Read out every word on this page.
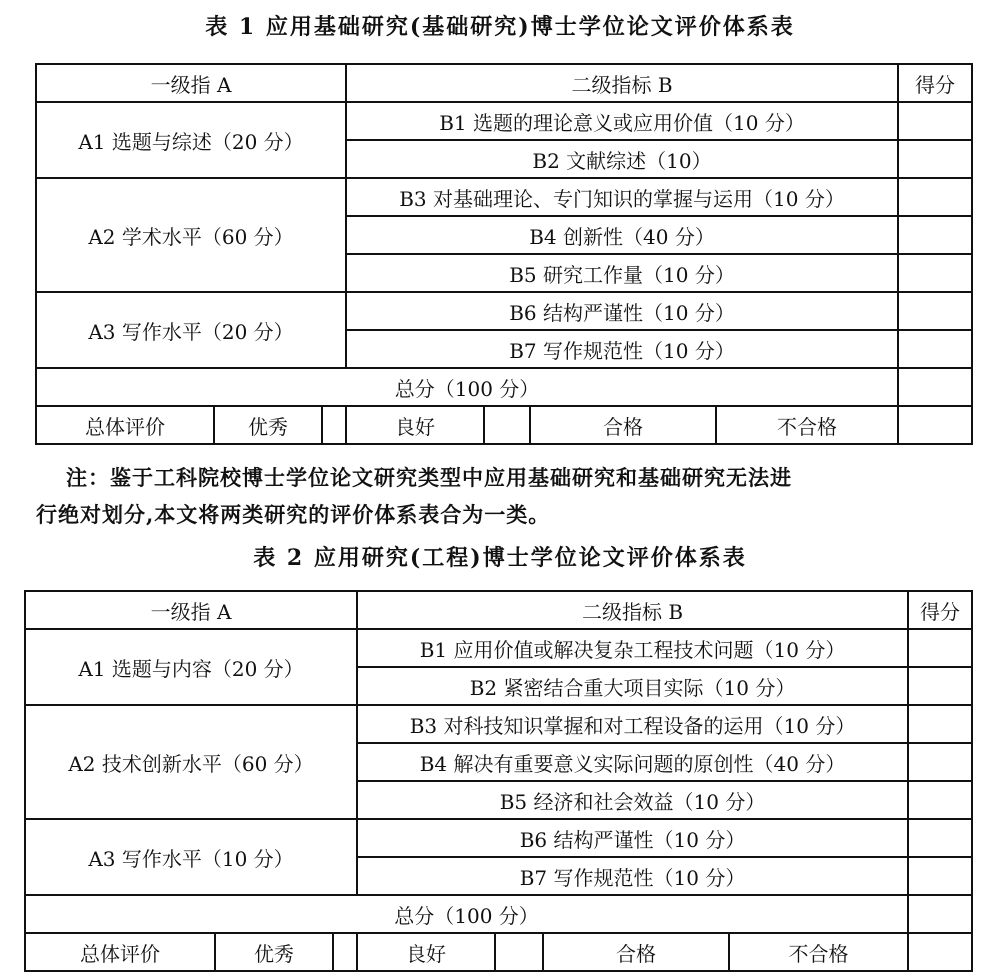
表 1 应用基础研究(基础研究)博士学位论文评价体系表
一级指 A			二级指标 B				得分
A1 选题与综述（20 分）			B1 选题的理论意义或应用价值（10 分）				
			B2 文献综述（10）				
A2 学术水平（60 分）			B3 对基础理论、专门知识的掌握与运用（10 分）				
			B4 创新性（40 分）				
			B5 研究工作量（10 分）				
A3 写作水平（20 分）			B6 结构严谨性（10 分）				
			B7 写作规范性（10 分）				
总分（100 分）							
总体评价	优秀		良好		合格	不合格	
注：鉴于工科院校博士学位论文研究类型中应用基础研究和基础研究无法进
行绝对划分,本文将两类研究的评价体系表合为一类。
表 2 应用研究(工程)博士学位论文评价体系表
一级指 A			二级指标 B				得分
A1 选题与内容（20 分）			B1 应用价值或解决复杂工程技术问题（10 分）				
			B2 紧密结合重大项目实际（10 分）				
A2 技术创新水平（60 分）			B3 对科技知识掌握和对工程设备的运用（10 分）				
			B4 解决有重要意义实际问题的原创性（40 分）				
			B5 经济和社会效益（10 分）				
A3 写作水平（10 分）			B6 结构严谨性（10 分）				
			B7 写作规范性（10 分）				
总分（100 分）							
总体评价	优秀		良好		合格	不合格	
